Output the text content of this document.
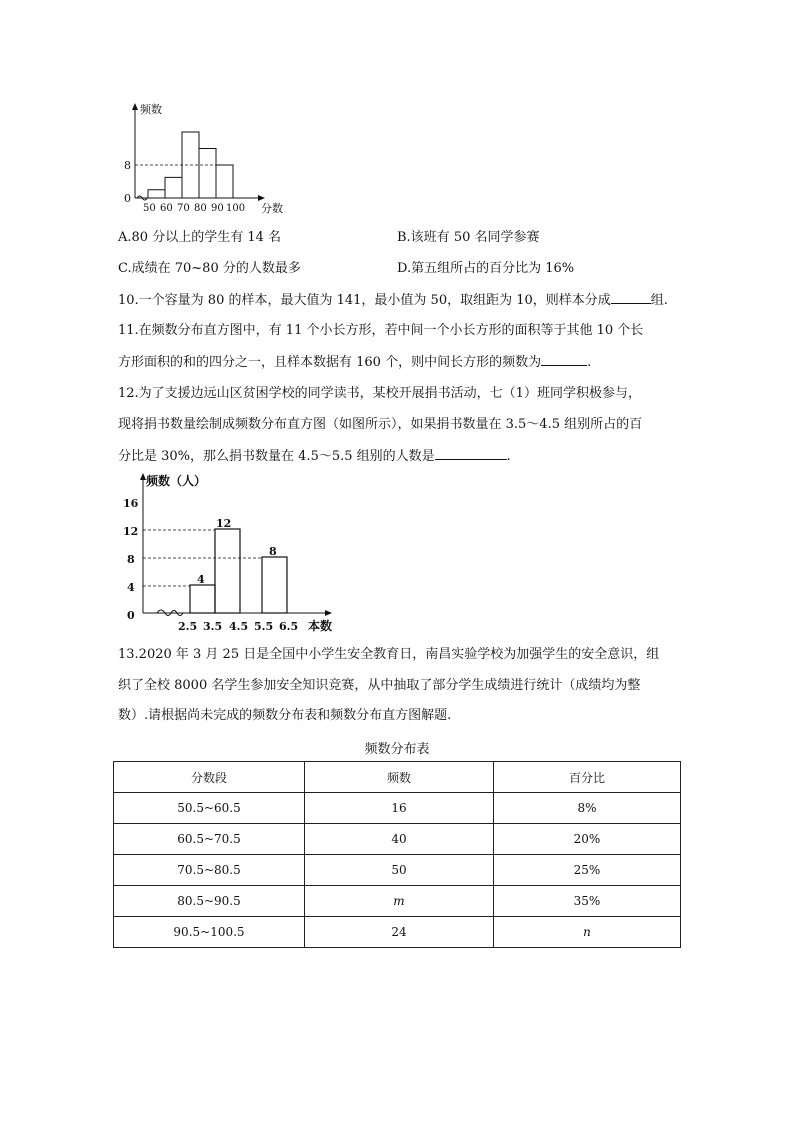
频数
分数
0
8
50 60 70 80 90 100
A.80 分以上的学生有 14 名	B.该班有 50 名同学参赛
C.成绩在 70~80 分的人数最多	D.第五组所占的百分比为 16%
10.一个容量为 80 的样本，最大值为 141，最小值为 50，取组距为 10，则样本分成	组.
11.在频数分布直方图中，有 11 个小长方形，若中间一个小长方形的面积等于其他 10 个长
方形面积的和的四分之一，且样本数据有 160 个，则中间长方形的频数为	.
12.为了支援边远山区贫困学校的同学读书，某校开展捐书活动，七（1）班同学积极参与，
现将捐书数量绘制成频数分布直方图（如图所示），如果捐书数量在 3.5～4.5 组别所占的百
分比是 30%，那么捐书数量在 4.5～5.5 组别的人数是	.
频数（人）
本数
16
12
8
4
0
4
12
8
2.5 3.5 4.5 5.5 6.5
13.2020 年 3 月 25 日是全国中小学生安全教育日，南昌实验学校为加强学生的安全意识，组
织了全校 8000 名学生参加安全知识竞赛，从中抽取了部分学生成绩进行统计（成绩均为整
数）.请根据尚未完成的频数分布表和频数分布直方图解题.
频数分布表
分数段	频数	百分比
50.5~60.5	16	8%
60.5~70.5	40	20%
70.5~80.5	50	25%
80.5~90.5	m	35%
90.5~100.5	24	n
